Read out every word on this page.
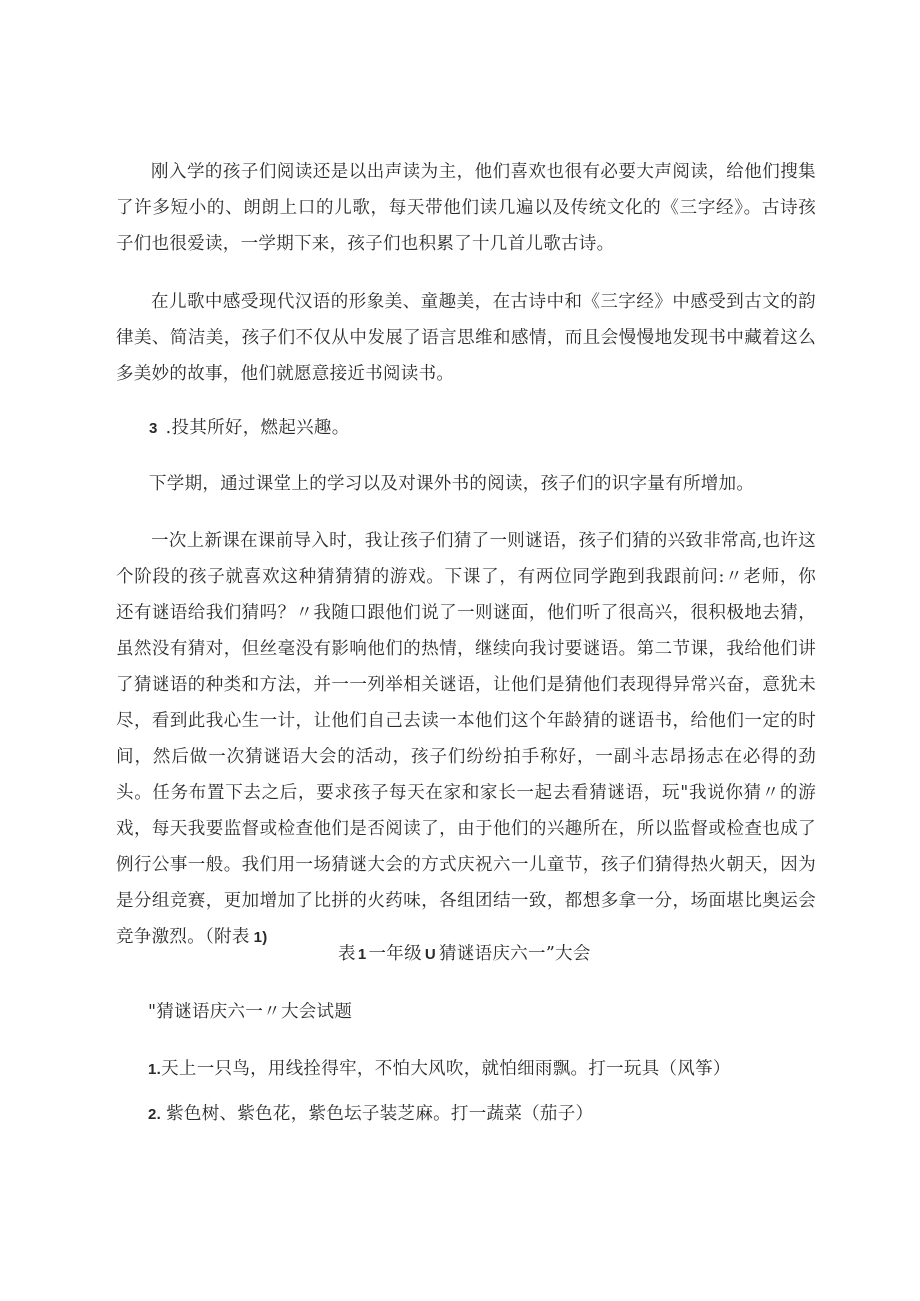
刚入学的孩子们阅读还是以出声读为主，他们喜欢也很有必要大声阅读，给他们搜集了许多短小的、朗朗上口的儿歌，每天带他们读几遍以及传统文化的《三字经》。古诗孩子们也很爱读，一学期下来，孩子们也积累了十几首儿歌古诗。

在儿歌中感受现代汉语的形象美、童趣美，在古诗中和《三字经》中感受到古文的韵律美、简洁美，孩子们不仅从中发展了语言思维和感情，而且会慢慢地发现书中藏着这么多美妙的故事，他们就愿意接近书阅读书。

3 .投其所好，燃起兴趣。

下学期，通过课堂上的学习以及对课外书的阅读，孩子们的识字量有所增加。

一次上新课在课前导入时，我让孩子们猜了一则谜语，孩子们猜的兴致非常高,也许这个阶段的孩子就喜欢这种猜猜猜的游戏。下课了，有两位同学跑到我跟前问:〃老师，你还有谜语给我们猜吗？〃我随口跟他们说了一则谜面，他们听了很高兴，很积极地去猜，虽然没有猜对，但丝毫没有影响他们的热情，继续向我讨要谜语。第二节课，我给他们讲了猜谜语的种类和方法，并一一列举相关谜语，让他们是猜他们表现得异常兴奋，意犹未尽，看到此我心生一计，让他们自己去读一本他们这个年龄猜的谜语书，给他们一定的时间，然后做一次猜谜语大会的活动，孩子们纷纷拍手称好，一副斗志昂扬志在必得的劲头。任务布置下去之后，要求孩子每天在家和家长一起去看猜谜语，玩"我说你猜〃的游戏，每天我要监督或检查他们是否阅读了，由于他们的兴趣所在，所以监督或检查也成了例行公事一般。我们用一场猜谜大会的方式庆祝六一儿童节，孩子们猜得热火朝天，因为是分组竞赛，更加增加了比拼的火药味，各组团结一致，都想多拿一分，场面堪比奥运会竞争激烈。（附表 1)

表 1 一年级 U 猜谜语庆六一”大会

"猜谜语庆六一〃大会试题

1.天上一只鸟，用线拴得牢，不怕大风吹，就怕细雨飘。打一玩具（风筝）
2. 紫色树、紫色花，紫色坛子装芝麻。打一蔬菜（茄子）
